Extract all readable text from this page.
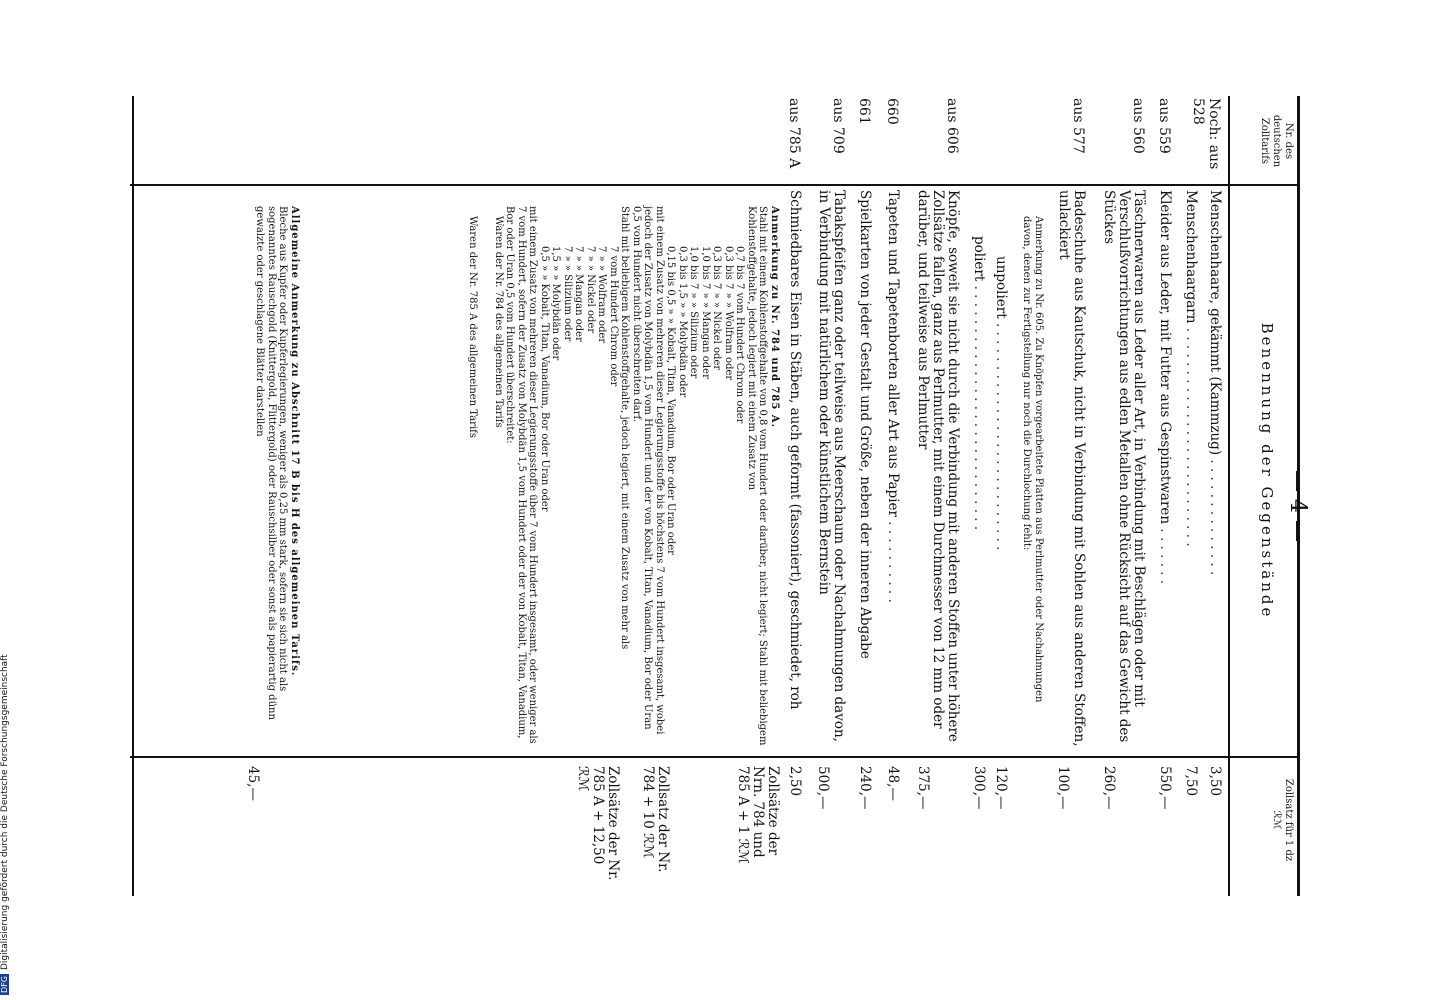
Nr. des deutschen Zolltarifs
Benennung der Gegenstände
Zollsatz für 1 dz
ℛℳ
Noch: aus 528
Menschenhaare, gekämmt (Kammzug) . . . . . . . . . . . . . .
3,50
Menschenhaargarn . . . . . . . . . . . . . . . . . . . . . . . . . .
7,50
aus 559
Kleider aus Leder, mit Futter aus Gespinstwaren . . . . . . .
550,—
aus 560
Täschnerwaren aus Leder aller Art, in Verbindung mit Beschlägen oder mit Verschlußvorrichtungen aus edlen Metallen ohne Rücksicht auf das Gewicht des Stückes
260,—
aus 577
Badeschuhe aus Kautschuk, nicht in Verbindung mit Sohlen aus anderen Stoffen, unlackiert
100,—
Anmerkung zu Nr. 605. Zu Knöpfen vorgearbeitete Platten aus Perlmutter oder Nachahmungen davon, denen zur Fertigstellung nur noch die Durchlochung fehlt:
unpoliert . . . . . . . . . . . . . . . . . . . . . . . . . . .
120,—
poliert . . . . . . . . . . . . . . . . . . . . . . . . . . . . .
300,—
aus 606
Knöpfe, soweit sie nicht durch die Verbindung mit anderen Stoffen unter höhere Zollsätze fallen, ganz aus Perlmutter, mit einem Durchmesser von 12 mm oder darüber, und teilweise aus Perlmutter
375,—
660
Tapeten und Tapetenborten aller Art aus Papier . . . . . . . . . .
48,—
661
Spielkarten von jeder Gestalt und Größe, neben der inneren Abgabe
240,—
aus 709
Tabakspfeifen ganz oder teilweise aus Meerschaum oder Nachahmungen davon, in Verbindung mit natürlichem oder künstlichem Bernstein
500,—
aus 785 A
Schmiedbares Eisen in Stäben, auch geformt (fassoniert), geschmiedet, roh
2,50
Anmerkung zu Nr. 784 und 785 A.
Stahl mit einem Kohlenstoffgehalte von 0,8 vom Hundert oder darüber, nicht legiert; Stahl mit beliebigem Kohlenstoffgehalte, jedoch legiert mit einem Zusatz von
0,7 bis 7 vom Hundert Chrom oder
0,3 bis 7 » » Wolfram oder
0,3 bis 7 » » Nickel oder
1,0 bis 7 » » Mangan oder
1,0 bis 7 » » Silizium oder
0,3 bis 1,5 » » Molybdän oder
0,15 bis 0,5 » » Kobalt, Titan, Vanadium, Bor oder Uran oder
mit einem Zusatz von mehreren dieser Legierungsstoffe bis höchstens 7 vom Hundert insgesamt, wobei jedoch der Zusatz von Molybdän 1,5 vom Hundert und der von Kobalt, Titan, Vanadium, Bor oder Uran 0,5 vom Hundert nicht überschreiten darf.
Stahl mit beliebigem Kohlenstoffgehalte, jedoch legiert, mit einem Zusatz von mehr als
7 vom Hundert Chrom oder
7 » » Wolfram oder
7 » » Nickel oder
7 » » Mangan oder
7 » » Silizium oder
1,5 » » Molybdän oder
0,5 » » Kobalt, Titan, Vanadium, Bor oder Uran oder
mit einem Zusatz von mehreren dieser Legierungsstoffe über 7 vom Hundert insgesamt, oder weniger als 7 vom Hundert, sofern der Zusatz von Molybdän 1,5 vom Hundert oder der von Kobalt, Titan, Vanadium, Bor oder Uran 0,5 vom Hundert überschreitet:
Waren der Nr. 784 des allgemeinen Tarifs
Waren der Nr. 785 A des allgemeinen Tarifs
Zollsätze der Nrn. 784 und 785 A + 1 ℛℳ
Zollsatz der Nr. 784 + 10 ℛℳ
Zollsätze der Nr. 785 A + 12,50 ℛℳ
Allgemeine Anmerkung zu Abschnitt 17 B bis H des allgemeinen Tarifs.
Bleche aus Kupfer oder Kupferlegierungen, weniger als 0,25 mm stark, sofern sie sich nicht als sogenanntes Rauschgold (Knittergold, Flittergold) oder Rauschsilber oder sonst als papierartig dünn gewalzte oder geschlagene Blätter darstellen
45,—
— 4 —
DFGDigitalisierung gefördert durch die Deutsche Forschungsgemeinschaft
